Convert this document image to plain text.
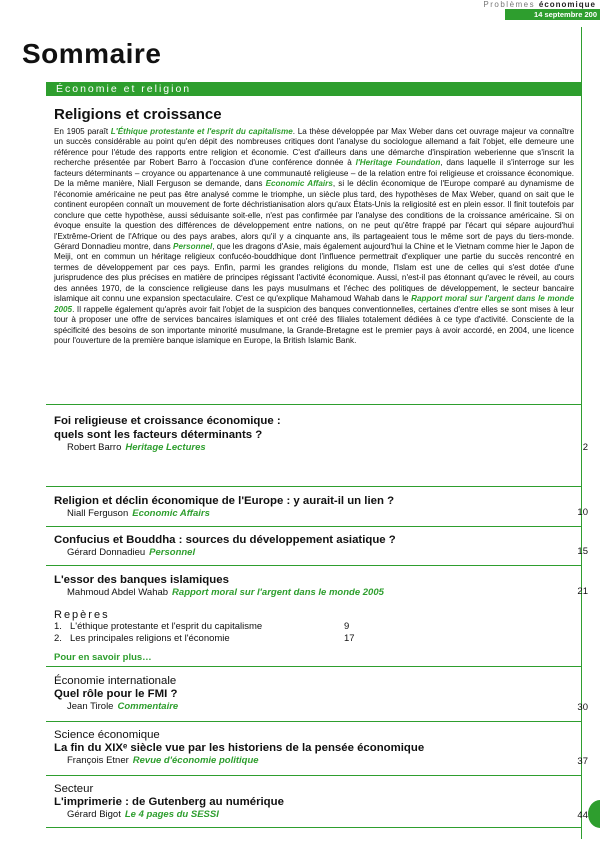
Problèmes économique
14 septembre 200
Sommaire
Économie et religion
Religions et croissance
En 1905 paraît L'Éthique protestante et l'esprit du capitalisme. La thèse développée par Max Weber dans cet ouvrage majeur va connaître un succès considérable au point qu'en dépit des nombreuses critiques dont l'analyse du sociologue allemand a fait l'objet, elle demeure une référence pour l'étude des rapports entre religion et économie. C'est d'ailleurs dans une démarche d'inspiration weberienne que s'inscrit la recherche présentée par Robert Barro à l'occasion d'une conférence donnée à l'Heritage Foundation, dans laquelle il s'interroge sur les facteurs déterminants – croyance ou appartenance à une communauté religieuse – de la relation entre foi religieuse et croissance économique. De la même manière, Niall Ferguson se demande, dans Economic Affairs, si le déclin économique de l'Europe comparé au dynamisme de l'économie américaine ne peut pas être analysé comme le triomphe, un siècle plus tard, des hypothèses de Max Weber, quand on sait que le continent européen connaît un mouvement de forte déchristianisation alors qu'aux États-Unis la religiosité est en plein essor. Il finit toutefois par conclure que cette hypothèse, aussi séduisante soit-elle, n'est pas confirmée par l'analyse des conditions de la croissance américaine. Si on évoque ensuite la question des différences de développement entre nations, on ne peut qu'être frappé par l'écart qui sépare aujourd'hui l'Extrême-Orient de l'Afrique ou des pays arabes, alors qu'il y a cinquante ans, ils partageaient tous le même sort de pays du tiers-monde. Gérard Donnadieu montre, dans Personnel, que les dragons d'Asie, mais également aujourd'hui la Chine et le Vietnam comme hier le Japon de Meiji, ont en commun un héritage religieux confucéo-bouddhique dont l'influence permettrait d'expliquer une partie du succès rencontré en termes de développement par ces pays. Enfin, parmi les grandes religions du monde, l'Islam est une de celles qui s'est dotée d'une jurisprudence des plus précises en matière de principes régissant l'activité économique. Aussi, n'est-il pas étonnant qu'avec le réveil, au cours des années 1970, de la conscience religieuse dans les pays musulmans et l'échec des politiques de développement, le secteur bancaire islamique ait connu une expansion spectaculaire. C'est ce qu'explique Mahamoud Wahab dans le Rapport moral sur l'argent dans le monde 2005. Il rappelle également qu'après avoir fait l'objet de la suspicion des banques conventionnelles, certaines d'entre elles se sont mises à leur tour à proposer une offre de services bancaires islamiques et ont créé des filiales totalement dédiées à ce type d'activité. Consciente de la spécificité des besoins de son importante minorité musulmane, la Grande-Bretagne est le premier pays à avoir accordé, en 2004, une licence pour l'ouverture de la première banque islamique en Europe, la British Islamic Bank.
Foi religieuse et croissance économique :
quels sont les facteurs déterminants ?
Robert Barro Heritage Lectures	2
Religion et déclin économique de l'Europe : y aurait-il un lien ?
Niall Ferguson Economic Affairs	10
Confucius et Bouddha : sources du développement asiatique ?
Gérard Donnadieu Personnel	15
L'essor des banques islamiques
Mahmoud Abdel Wahab Rapport moral sur l'argent dans le monde 2005	21
Repères
1. L'éthique protestante et l'esprit du capitalisme	9
2. Les principales religions et l'économie	17
Pour en savoir plus…
Économie internationale
Quel rôle pour le FMI ?
Jean Tirole Commentaire	30
Science économique
La fin du XIXᵉ siècle vue par les historiens de la pensée économique
François Etner Revue d'économie politique	37
Secteur
L'imprimerie : de Gutenberg au numérique
Gérard Bigot Le 4 pages du SESSI	44
